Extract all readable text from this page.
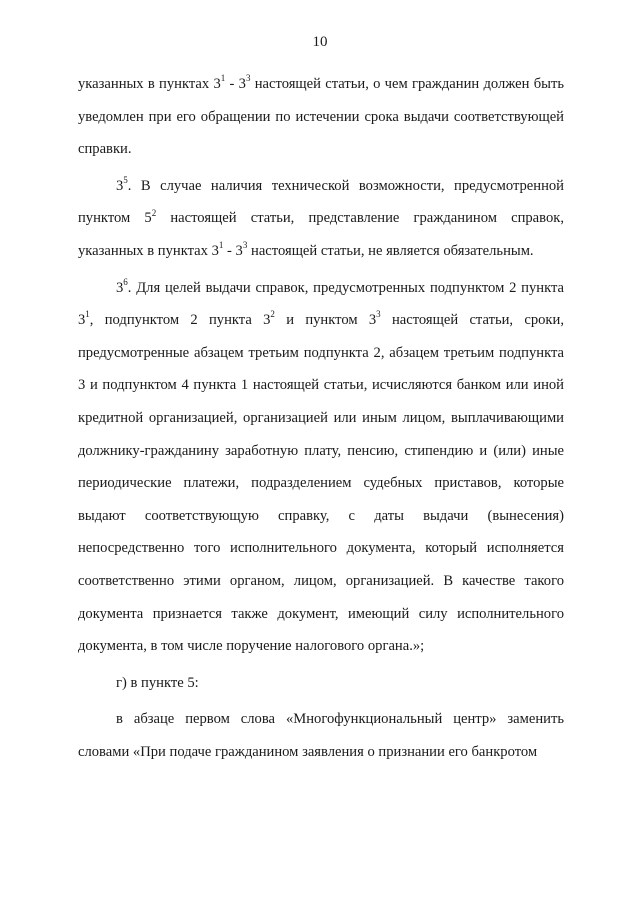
10

указанных в пунктах $3^1 - 3^3$ настоящей статьи, о чем гражданин должен быть уведомлен при его обращении по истечении срока выдачи соответствующей справки.

$3^5$. В случае наличия технической возможности, предусмотренной пунктом $5^2$ настоящей статьи, представление гражданином справок, указанных в пунктах $3^1 - 3^3$ настоящей статьи, не является обязательным.

$3^6$. Для целей выдачи справок, предусмотренных подпунктом 2 пункта $3^1$, подпунктом 2 пункта $3^2$ и пунктом $3^3$ настоящей статьи, сроки, предусмотренные абзацем третьим подпункта 2, абзацем третьим подпункта 3 и подпунктом 4 пункта 1 настоящей статьи, исчисляются банком или иной кредитной организацией, организацией или иным лицом, выплачивающими должнику-гражданину заработную плату, пенсию, стипендию и (или) иные периодические платежи, подразделением судебных приставов, которые выдают соответствующую справку, с даты выдачи (вынесения) непосредственно того исполнительного документа, который исполняется соответственно этими органом, лицом, организацией. В качестве такого документа признается также документ, имеющий силу исполнительного документа, в том числе поручение налогового органа.»;

г) в пункте 5:

в абзаце первом слова «Многофункциональный центр» заменить словами «При подаче гражданином заявления о признании его банкротом
